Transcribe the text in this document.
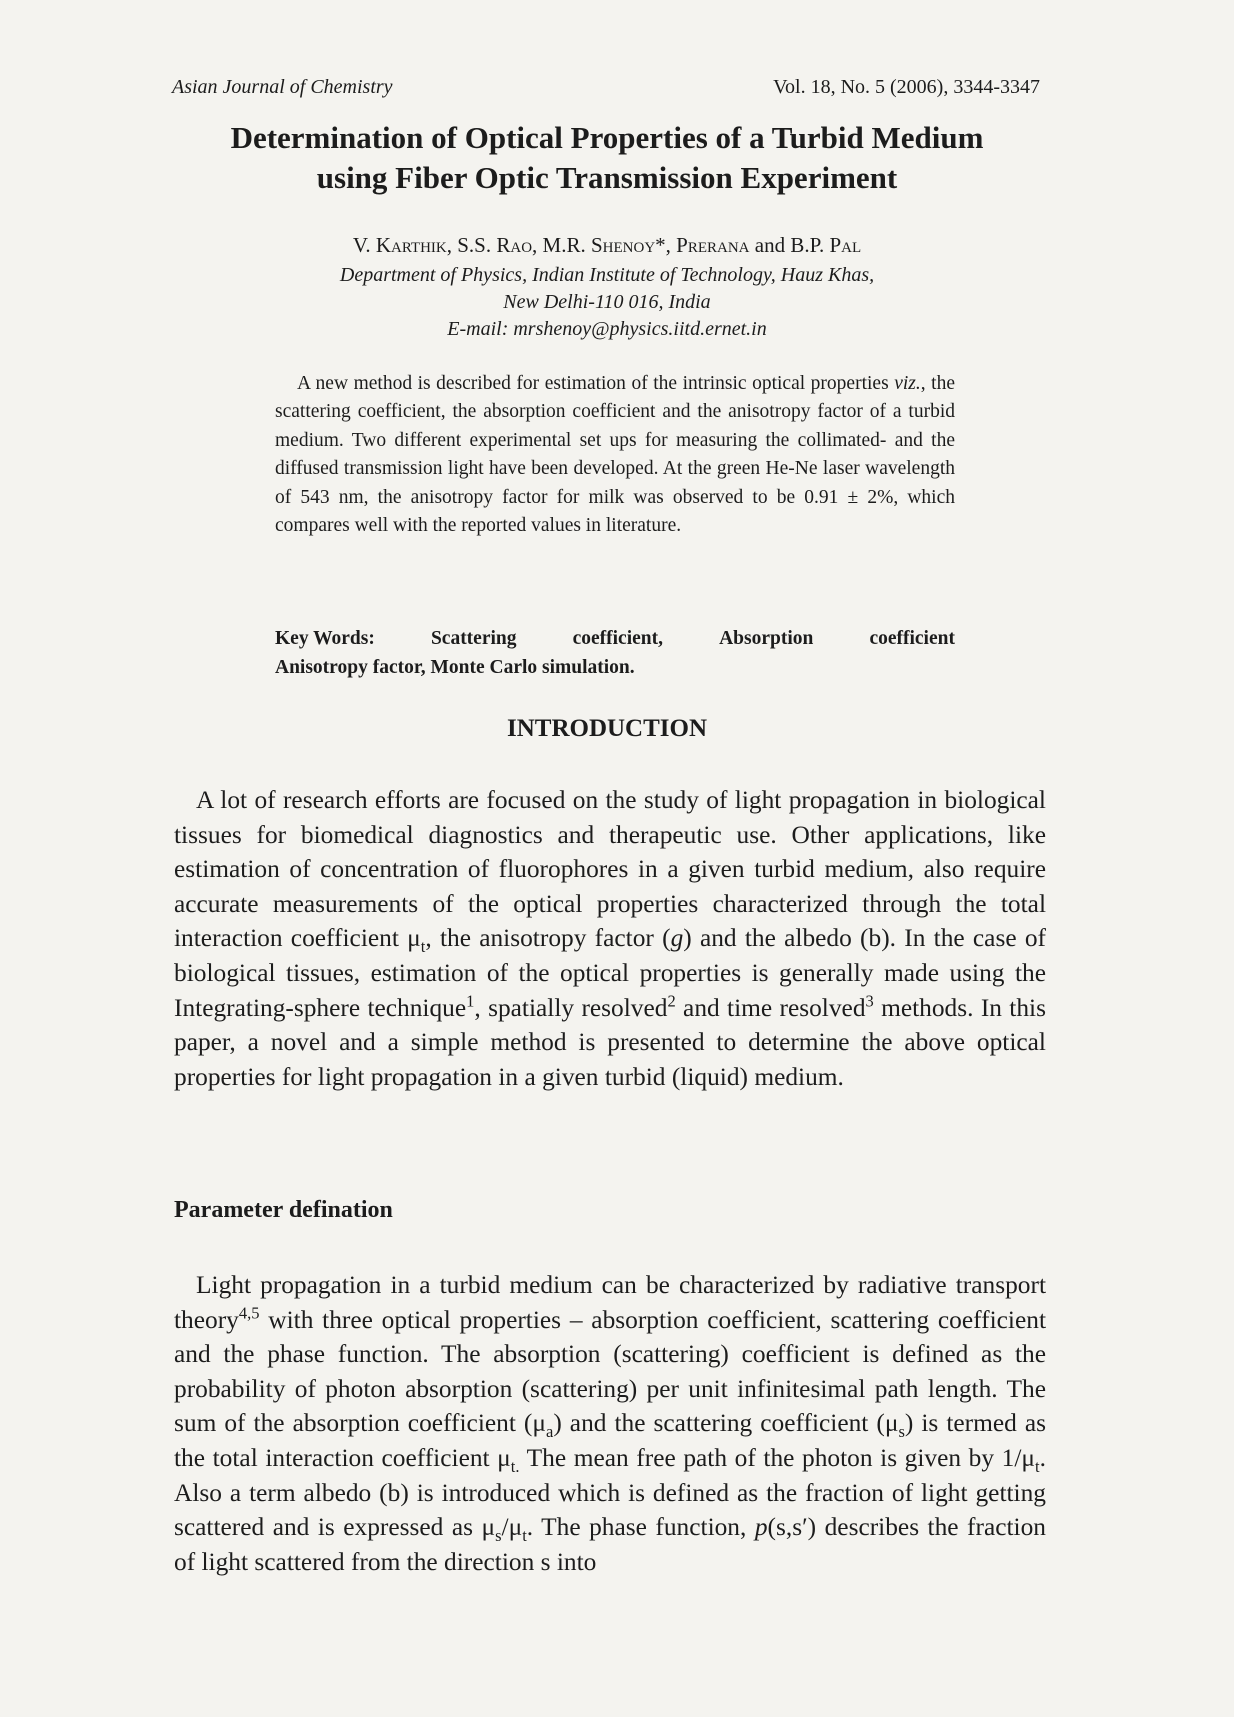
Asian Journal of Chemistry	Vol. 18, No. 5 (2006), 3344-3347
Determination of Optical Properties of a Turbid Medium
using Fiber Optic Transmission Experiment
V. Karthik, S.S. Rao, M.R. Shenoy*, Prerana and B.P. Pal
Department of Physics, Indian Institute of Technology, Hauz Khas,
New Delhi-110 016, India
E-mail: mrshenoy@physics.iitd.ernet.in
A new method is described for estimation of the intrinsic optical properties viz., the scattering coefficient, the absorption coefficient and the anisotropy factor of a turbid medium. Two different experimental set ups for measuring the collimated- and the diffused transmission light have been developed. At the green He-Ne laser wavelength of 543 nm, the anisotropy factor for milk was observed to be 0.91 ± 2%, which compares well with the reported values in literature.
Key Words:	Scattering	coefficient,	Absorption	coefficient
Anisotropy factor, Monte Carlo simulation.
INTRODUCTION
A lot of research efforts are focused on the study of light propagation in biological tissues for biomedical diagnostics and therapeutic use. Other applications, like estimation of concentration of fluorophores in a given turbid medium, also require accurate measurements of the optical properties characterized through the total interaction coefficient $\mu_t$, the anisotropy factor (g) and the albedo (b). In the case of biological tissues, estimation of the optical properties is generally made using the Integrating-sphere technique$^1$, spatially resolved$^2$ and time resolved$^3$ methods. In this paper, a novel and a simple method is presented to determine the above optical properties for light propagation in a given turbid (liquid) medium.
Parameter defination
Light propagation in a turbid medium can be characterized by radiative transport theory$^{4,5}$ with three optical properties – absorption coefficient, scattering coefficient and the phase function. The absorption (scattering) coefficient is defined as the probability of photon absorption (scattering) per unit infinitesimal path length. The sum of the absorption coefficient $(\mu_a)$ and the scattering coefficient $(\mu_s)$ is termed as the total interaction coefficient $\mu_{t.}$ The mean free path of the photon is given by $1/\mu_t$. Also a term albedo (b) is introduced which is defined as the fraction of light getting scattered and is expressed as $\mu_s/\mu_t$. The phase function, p(s,s′) describes the fraction of light scattered from the direction s into
